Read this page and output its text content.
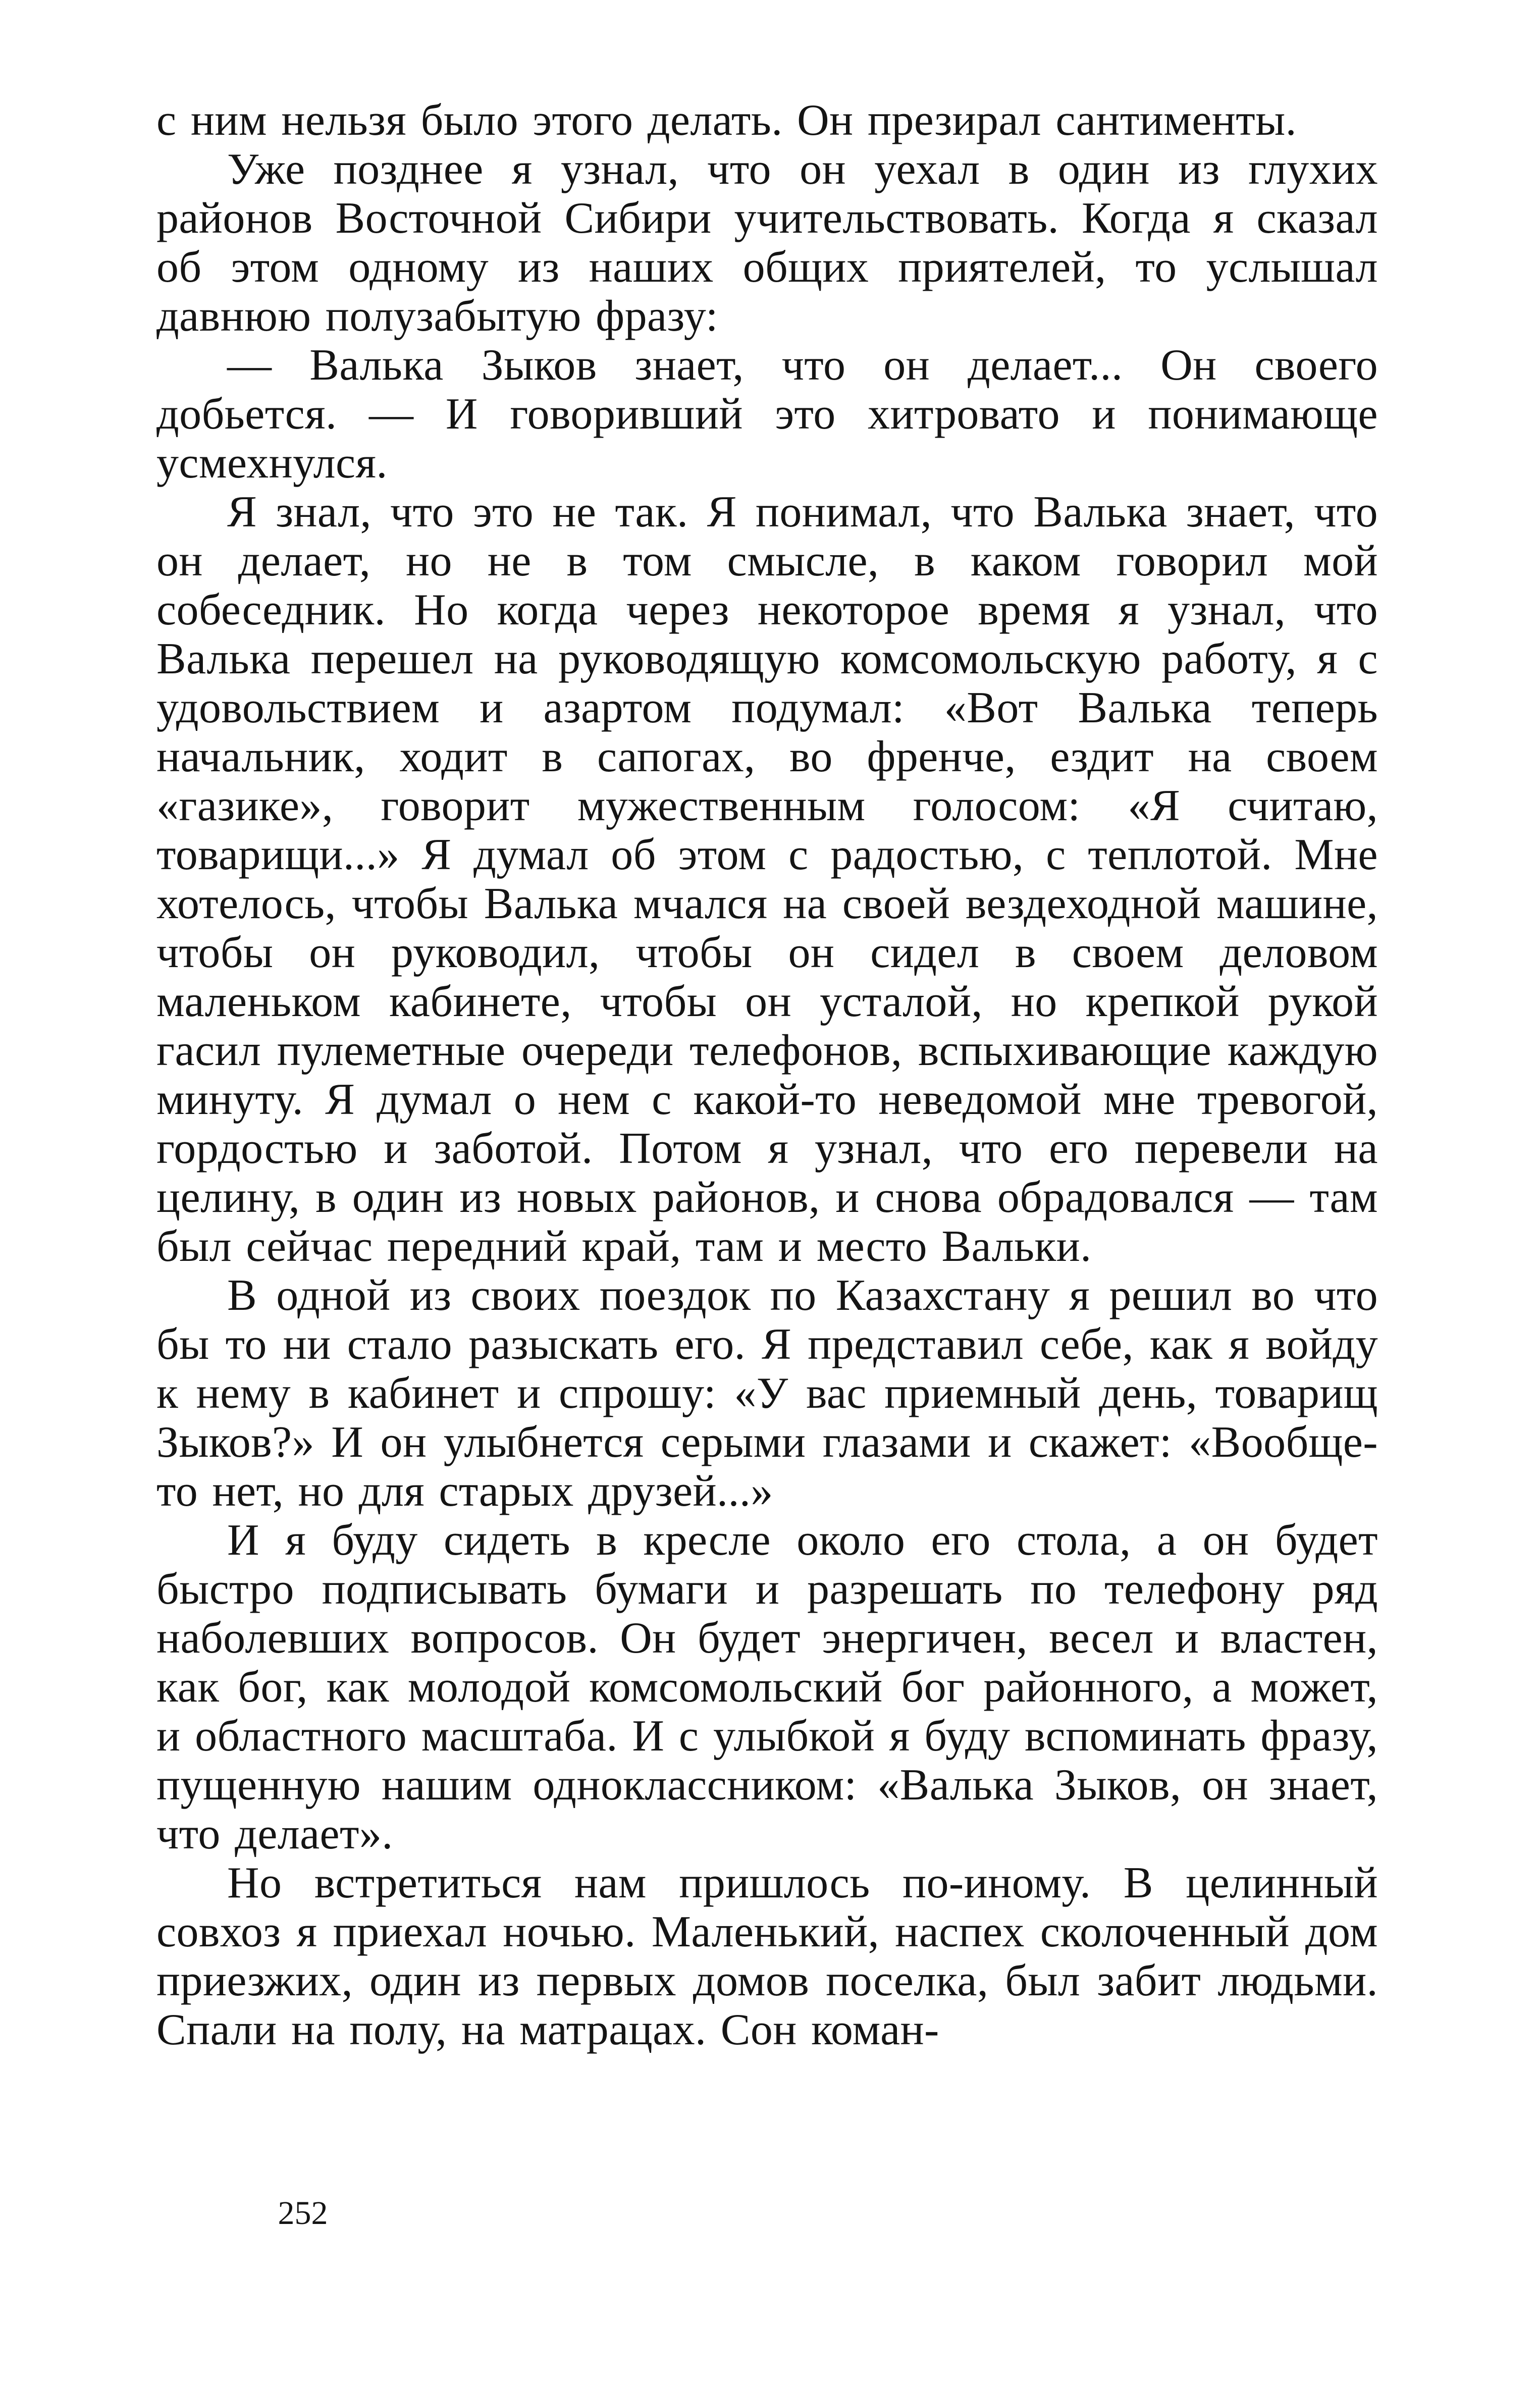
с ним нельзя было этого делать. Он презирал сантименты.

Уже позднее я узнал, что он уехал в один из глухих районов Восточной Сибири учительствовать. Когда я сказал об этом одному из наших общих приятелей, то услышал давнюю полузабытую фразу:

— Валька Зыков знает, что он делает... Он своего добьется. — И говоривший это хитровато и понимающе усмехнулся.

Я знал, что это не так. Я понимал, что Валька знает, что он делает, но не в том смысле, в каком говорил мой собеседник. Но когда через некоторое время я узнал, что Валька перешел на руководящую комсомольскую работу, я с удовольствием и азартом подумал: «Вот Валька теперь начальник, ходит в сапогах, во френче, ездит на своем «газике», говорит мужественным голосом: «Я считаю, товарищи...» Я думал об этом с радостью, с теплотой. Мне хотелось, чтобы Валька мчался на своей вездеходной машине, чтобы он руководил, чтобы он сидел в своем деловом маленьком кабинете, чтобы он усталой, но крепкой рукой гасил пулеметные очереди телефонов, вспыхивающие каждую минуту. Я думал о нем с какой-то неведомой мне тревогой, гордостью и заботой. Потом я узнал, что его перевели на целину, в один из новых районов, и снова обрадовался — там был сейчас передний край, там и место Вальки.

В одной из своих поездок по Казахстану я решил во что бы то ни стало разыскать его. Я представил себе, как я войду к нему в кабинет и спрошу: «У вас приемный день, товарищ Зыков?» И он улыбнется серыми глазами и скажет: «Вообще-то нет, но для старых друзей...»

И я буду сидеть в кресле около его стола, а он будет быстро подписывать бумаги и разрешать по телефону ряд наболевших вопросов. Он будет энергичен, весел и властен, как бог, как молодой комсомольский бог районного, а может, и областного масштаба. И с улыбкой я буду вспоминать фразу, пущенную нашим одноклассником: «Валька Зыков, он знает, что делает».

Но встретиться нам пришлось по-иному. В целинный совхоз я приехал ночью. Маленький, наспех сколоченный дом приезжих, один из первых домов поселка, был забит людьми. Спали на полу, на матрацах. Сон коман-

252
